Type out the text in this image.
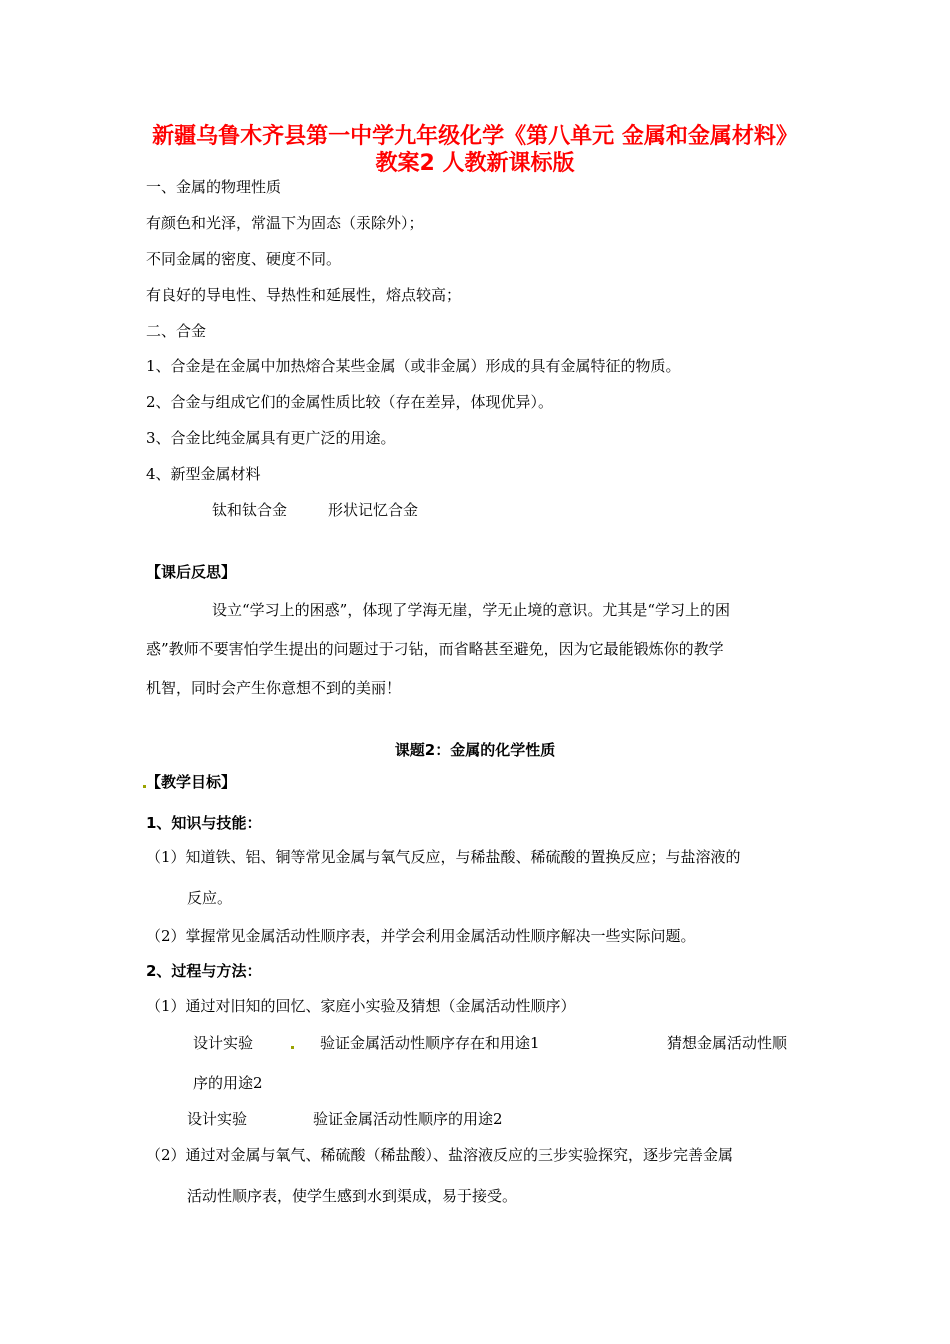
新疆乌鲁木齐县第一中学九年级化学《第八单元 金属和金属材料》
教案2 人教新课标版
一、金属的物理性质
有颜色和光泽，常温下为固态（汞除外）；
不同金属的密度、硬度不同。
有良好的导电性、导热性和延展性，熔点较高；
二、合金
1、合金是在金属中加热熔合某些金属（或非金属）形成的具有金属特征的物质。
2、合金与组成它们的金属性质比较（存在差异，体现优异）。
3、合金比纯金属具有更广泛的用途。
4、新型金属材料
钛和钛合金	形状记忆合金
【课后反思】
设立“学习上的困惑”，体现了学海无崖，学无止境的意识。尤其是“学习上的困
惑”教师不要害怕学生提出的问题过于刁钻，而省略甚至避免，因为它最能锻炼你的教学
机智，同时会产生你意想不到的美丽！
课题2：金属的化学性质
【教学目标】
1、知识与技能：
（1）知道铁、铝、铜等常见金属与氧气反应，与稀盐酸、稀硫酸的置换反应；与盐溶液的
反应。
（2）掌握常见金属活动性顺序表，并学会利用金属活动性顺序解决一些实际问题。
2、过程与方法：
（1）通过对旧知的回忆、家庭小实验及猜想（金属活动性顺序）
设计实验	验证金属活动性顺序存在和用途1	猜想金属活动性顺
序的用途2
设计实验	验证金属活动性顺序的用途2
（2）通过对金属与氧气、稀硫酸（稀盐酸）、盐溶液反应的三步实验探究，逐步完善金属
活动性顺序表，使学生感到水到渠成，易于接受。
